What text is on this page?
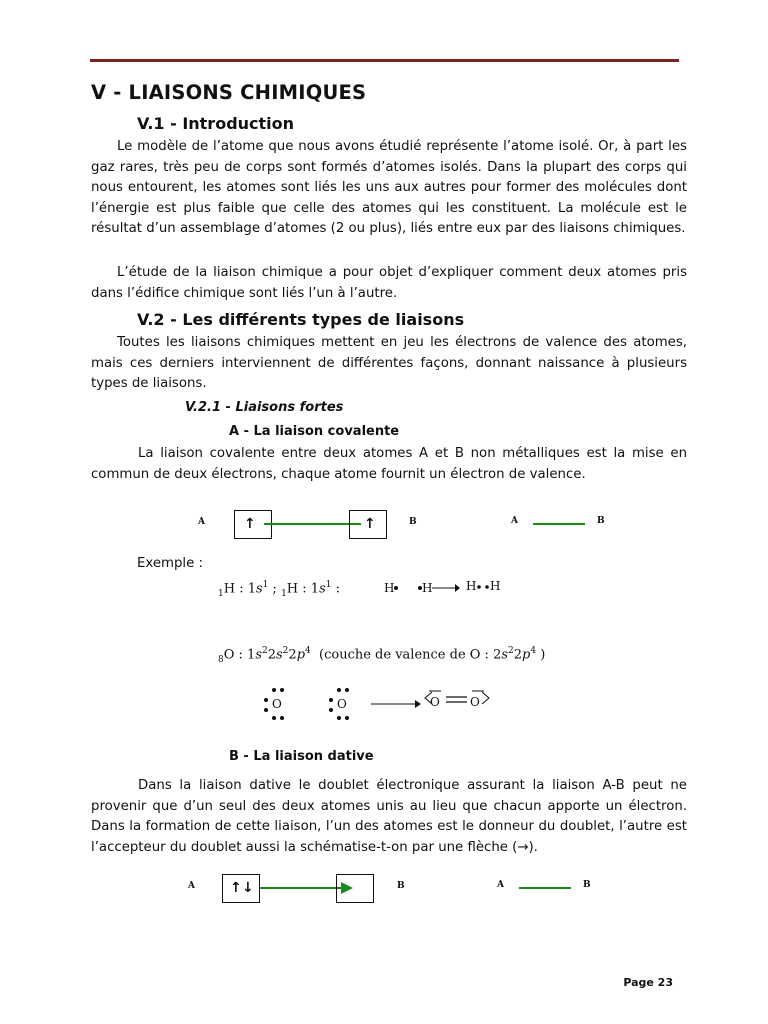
V - LIAISONS CHIMIQUES
V.1 - Introduction

Le modèle de l’atome que nous avons étudié représente l’atome isolé. Or, à part les gaz rares, très peu de corps sont formés d’atomes isolés. Dans la plupart des corps qui nous entourent, les atomes sont liés les uns aux autres pour former des molécules dont l’énergie est plus faible que celle des atomes qui les constituent. La molécule est le résultat d’un assemblage d’atomes (2 ou plus), liés entre eux par des liaisons chimiques.

L’étude de la liaison chimique a pour objet d’expliquer comment deux atomes pris dans l’édifice chimique sont liés l’un à l’autre.

V.2 - Les différents types de liaisons

Toutes les liaisons chimiques mettent en jeu les électrons de valence des atomes, mais ces derniers interviennent de différentes façons, donnant naissance à plusieurs types de liaisons.

V.2.1 - Liaisons fortes
A - La liaison covalente

La liaison covalente entre deux atomes A et B non métalliques est la mise en commun de deux électrons, chaque atome fournit un électron de valence.

A	↑	↑	B	A	B
Exemple :
$_1$H : $1s^1$ ; $_1$H : $1s^1$ :	H H → H H
$_8$O : $1s^22s^22p^4$  (couche de valence de O : $2s^22p^4$ )
O	O → O	O
B - La liaison dative

Dans la liaison dative le doublet électronique assurant la liaison A-B peut ne provenir que d’un seul des deux atomes unis au lieu que chacun apporte un électron. Dans la formation de cette liaison, l’un des atomes est le donneur du doublet, l’autre est l’accepteur du doublet aussi la schématise-t-on par une flèche (→).

A	↑ ↓	B	A	B
Page 23
